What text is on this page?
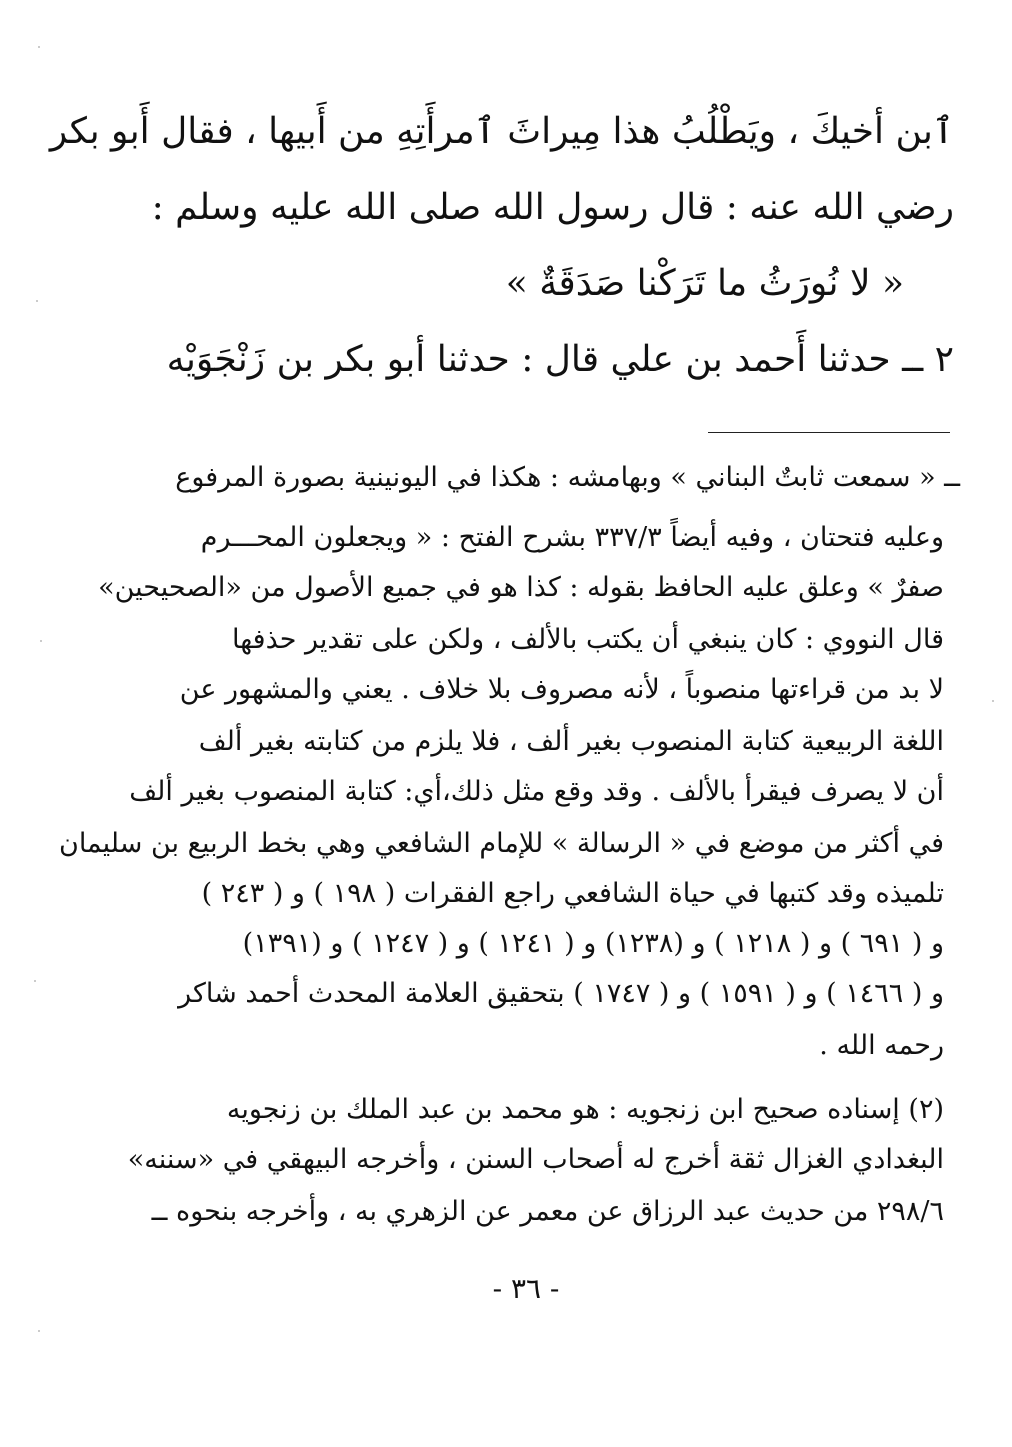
ٱبن أخيكَ ، ويَطْلُبُ هذا مِيراثَ ٱمرأَتِهِ من أَبيها ، فقال أَبو بكر
رضي الله عنه : قال رسول الله صلى الله عليه وسلم :
« لا نُورَثُ ما تَرَكْنا صَدَقَةٌ »
٢ ــ حدثنا أَحمد بن علي قال : حدثنا أبو بكر بن زَنْجَوَيْه
ــ « سمعت ثابتٌ البناني » وبهامشه : هكذا في اليونينية بصورة المرفوع
وعليه فتحتان ، وفيه أيضاً ٣٣٧/٣ بشرح الفتح : « ويجعلون المحـــرم
صفرٌ » وعلق عليه الحافظ بقوله : كذا هو في جميع الأصول من «الصحيحين»
قال النووي : كان ينبغي أن يكتب بالألف ، ولكن على تقدير حذفها
لا بد من قراءتها منصوباً ، لأنه مصروف بلا خلاف . يعني والمشهور عن
اللغة الربيعية كتابة المنصوب بغير ألف ، فلا يلزم من كتابته بغير ألف
أن لا يصرف فيقرأ بالألف . وقد وقع مثل ذلك،أي: كتابة المنصوب بغير ألف
في أكثر من موضع في « الرسالة » للإمام الشافعي وهي بخط الربيع بن سليمان
تلميذه وقد كتبها في حياة الشافعي راجع الفقرات ( ١٩٨ ) و ( ٢٤٣ )
و ( ٦٩١ ) و ( ١٢١٨ ) و (١٢٣٨) و ( ١٢٤١ ) و ( ١٢٤٧ ) و (١٣٩١)
و ( ١٤٦٦ ) و ( ١٥٩١ ) و ( ١٧٤٧ ) بتحقيق العلامة المحدث أحمد شاكر
رحمه الله .
(٢) إسناده صحيح ابن زنجويه : هو محمد بن عبد الملك بن زنجويه
البغدادي الغزال ثقة أخرج له أصحاب السنن ، وأخرجه البيهقي في «سننه»
٢٩٨/٦ من حديث عبد الرزاق عن معمر عن الزهري به ، وأخرجه بنحوه ــ
- ٣٦ -
